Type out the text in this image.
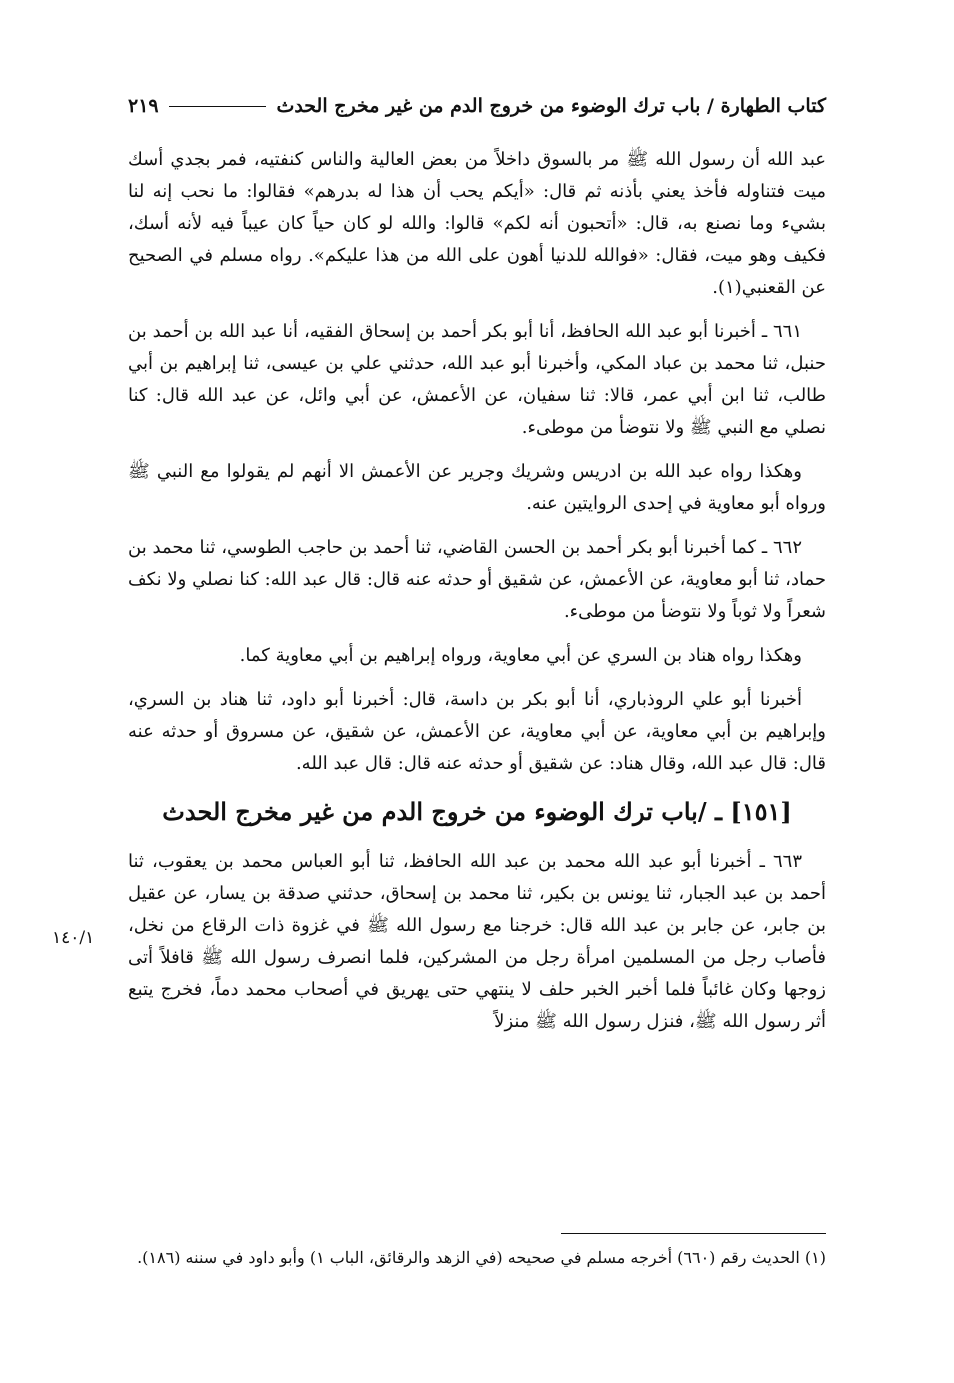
كتاب الطهارة / باب ترك الوضوء من خروج الدم من غير مخرج الحدث
٢١٩

عبد الله أن رسول الله ﷺ مر بالسوق داخلاً من بعض العالية والناس كنفتيه، فمر بجدي أسك ميت فتناوله فأخذ يعني بأذنه ثم قال: «أيكم يحب أن هذا له بدرهم» فقالوا: ما نحب إنه لنا بشيء وما نصنع به، قال: «أتحبون أنه لكم» قالوا: والله لو كان حياً كان عيباً فيه لأنه أسك، فكيف وهو ميت، فقال: «فوالله للدنيا أهون على الله من هذا عليكم». رواه مسلم في الصحيح عن القعنبي(١).

٦٦١ ـ أخبرنا أبو عبد الله الحافظ، أنا أبو بكر أحمد بن إسحاق الفقيه، أنا عبد الله بن أحمد بن حنبل، ثنا محمد بن عباد المكي، وأخبرنا أبو عبد الله، حدثني علي بن عيسى، ثنا إبراهيم بن أبي طالب، ثنا ابن أبي عمر، قالا: ثنا سفيان، عن الأعمش، عن أبي وائل، عن عبد الله قال: كنا نصلي مع النبي ﷺ ولا نتوضأ من موطىء.

وهكذا رواه عبد الله بن ادريس وشريك وجرير عن الأعمش الا أنهم لم يقولوا مع النبي ﷺ ورواه أبو معاوية في إحدى الروايتين عنه.

٦٦٢ ـ كما أخبرنا أبو بكر أحمد بن الحسن القاضي، ثنا أحمد بن حاجب الطوسي، ثنا محمد بن حماد، ثنا أبو معاوية، عن الأعمش، عن شقيق أو حدثه عنه قال: قال عبد الله: كنا نصلي ولا نكف شعراً ولا ثوباً ولا نتوضأ من موطىء.

وهكذا رواه هناد بن السري عن أبي معاوية، ورواه إبراهيم بن أبي معاوية كما.

أخبرنا أبو علي الروذباري، أنا أبو بكر بن داسة، قال: أخبرنا أبو داود، ثنا هناد بن السري، وإبراهيم بن أبي معاوية، عن أبي معاوية، عن الأعمش، عن شقيق، عن مسروق أو حدثه عنه قال: قال عبد الله، وقال هناد: عن شقيق أو حدثه عنه قال: قال عبد الله.

[١٥١] ـ /باب ترك الوضوء من خروج الدم من غير مخرج الحدث

٦٦٣ ـ أخبرنا أبو عبد الله محمد بن عبد الله الحافظ، ثنا أبو العباس محمد بن يعقوب، ثنا أحمد بن عبد الجبار، ثنا يونس بن بكير، ثنا محمد بن إسحاق، حدثني صدقة بن يسار، عن عقيل بن جابر، عن جابر بن عبد الله قال: خرجنا مع رسول الله ﷺ في غزوة ذات الرقاع من نخل، فأصاب رجل من المسلمين امرأة رجل من المشركين، فلما انصرف رسول الله ﷺ قافلاً أتى زوجها وكان غائباً فلما أخبر الخبر حلف لا ينتهي حتى يهريق في أصحاب محمد دماً، فخرج يتبع أثر رسول الله ﷺ، فنزل رسول الله ﷺ منزلاً

١٤٠/١
(١) الحديث رقم (٦٦٠) أخرجه مسلم في صحيحه (في الزهد والرقائق، الباب ١) وأبو داود في سننه (١٨٦).
